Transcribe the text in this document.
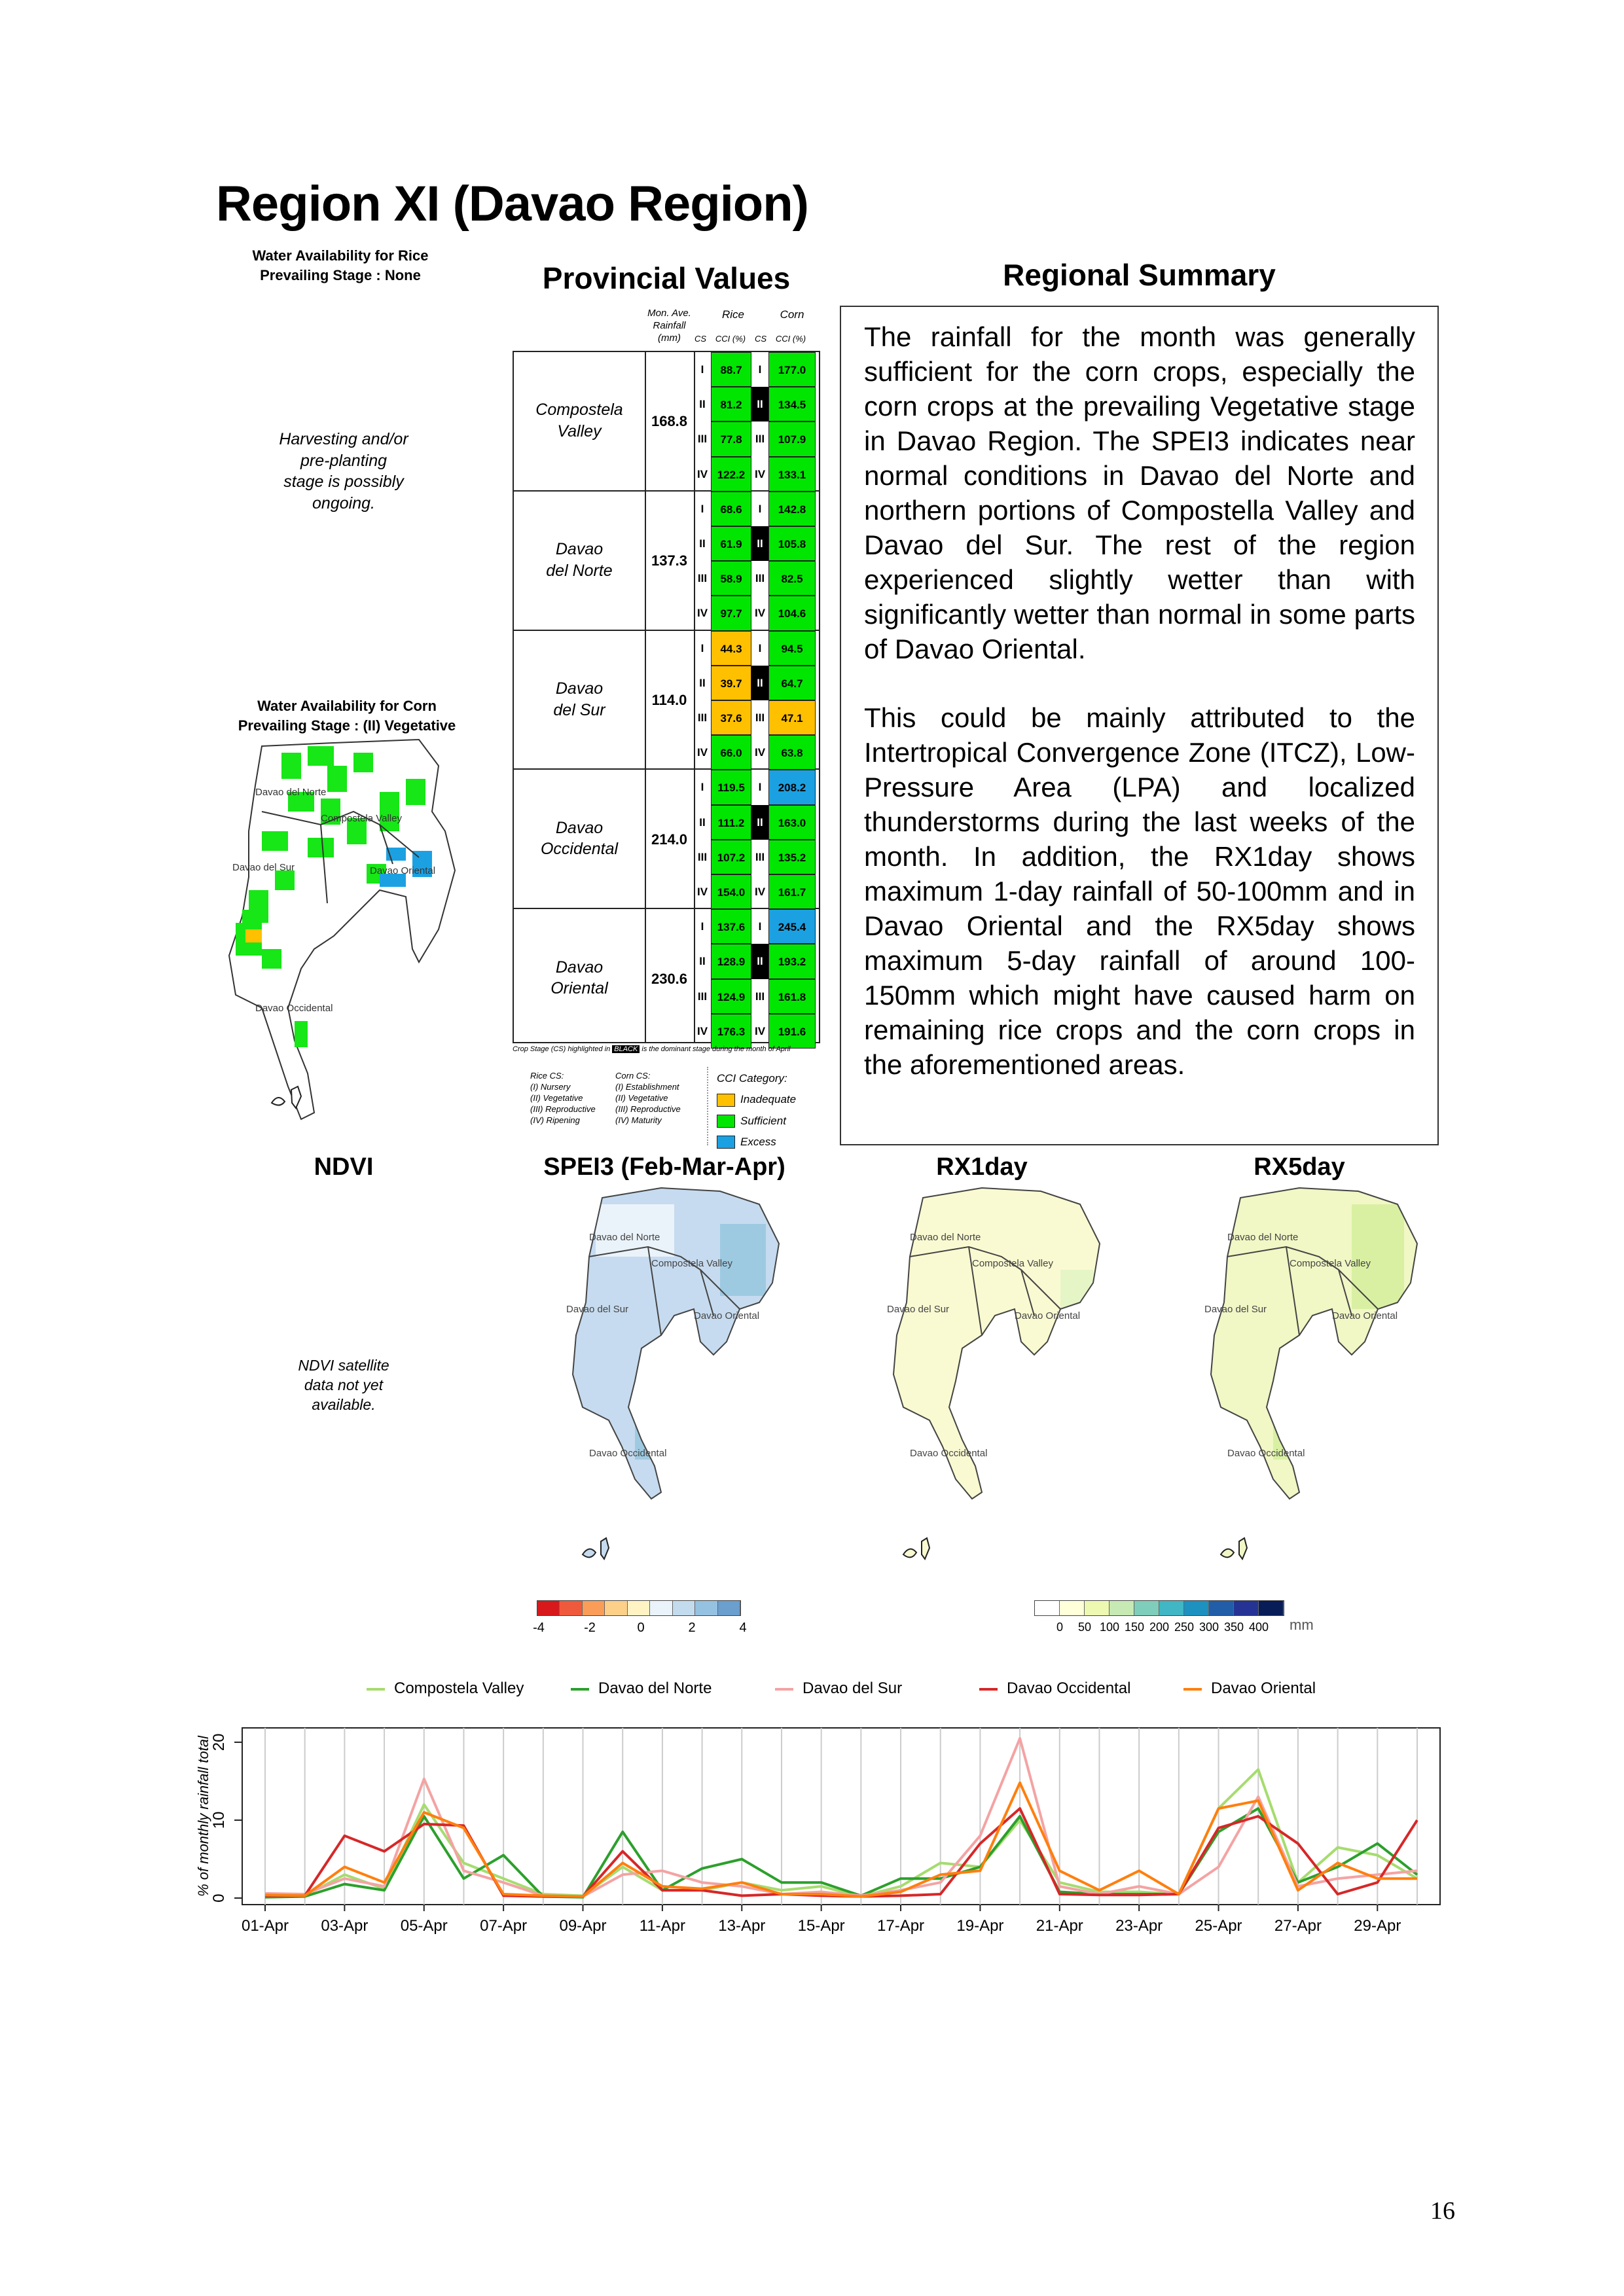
Region XI (Davao Region)
Water Availability for Rice
Prevailing Stage : None
Harvesting and/or
pre-planting
stage is possibly
ongoing.
Water Availability for Corn
Prevailing Stage : (II) Vegetative
Davao del Norte
Compostela Valley
Davao del Sur	Davao Oriental
Davao Occidental
Provincial Values
Mon. Ave.
Rainfall
(mm)
Rice	Corn
CS	CCI (%)	CS	CCI (%)
Compostela
Valley
168.8
I	88.7	I	177.0
II	81.2	II	134.5
III	77.8	III	107.9
IV 122.2 IV	133.1
Davao
del Norte
137.3
I	68.6	I	142.8
II	61.9	II	105.8
III	58.9	III	82.5
IV	97.7	IV	104.6
Davao
del Sur
114.0
I	44.3	I	94.5
II	39.7	II	64.7
III	37.6	III	47.1
IV	66.0	IV	63.8
Davao
Occidental
214.0
I	119.5	I	208.2
II	111.2	II	163.0
III 107.2 III	135.2
IV 154.0 IV	161.7
Davao
Oriental
230.6
I	137.6	I	245.4
II	128.9	II	193.2
III 124.9 III	161.8
IV 176.3 IV	191.6
Crop Stage (CS) highlighted in BLACK is the dominant stage during the month of April
Rice CS:
(I) Nursery
(II) Vegetative
(III) Reproductive
(IV) Ripening
Corn CS:
(I) Establishment
(II) Vegetative
(III) Reproductive
(IV) Maturity
CCI Category:
Inadequate
Sufficient
Excess
Regional Summary

The rainfall for the month was generally sufficient for the corn crops, especially the corn crops at the prevailing Vegetative stage in Davao Region. The SPEI3 indicates near normal conditions in Davao del Norte and northern portions of Compostella Valley and Davao del Sur. The rest of the region experienced slightly wetter than with significantly wetter than normal in some parts of Davao Oriental.

This could be mainly attributed to the Intertropical Convergence Zone (ITCZ), Low-Pressure Area (LPA) and localized thunderstorms during the last weeks of the month. In addition, the RX1day shows maximum 1-day rainfall of 50-100mm and in Davao Oriental and the RX5day shows maximum 5-day rainfall of around 100-150mm which might have caused harm on remaining rice crops and the corn crops in the aforementioned areas.

NDVI	SPEI3 (Feb-Mar-Apr)	RX1day	RX5day
NDVI satellite
data not yet
available.
Davao del Norte
Compostela Valley
Davao del Sur
Davao Oriental
Davao Occidental
Davao del Norte
Compostela Valley
Davao del Sur
Davao Oriental
Davao Occidental
Davao del Norte
Compostela Valley
Davao del Sur
Davao Oriental
Davao Occidental
-4	-2	0	2	4	0	50 100 150 200 250 300 350 400 mm
Compostela Valley	Davao del Norte	Davao del Sur	Davao Occidental	Davao Oriental
01-Apr 03-Apr 05-Apr 07-Apr 09-Apr 11-Apr 13-Apr 15-Apr 17-Apr 19-Apr 21-Apr 23-Apr 25-Apr 27-Apr 29-Apr
0
10
20
% of monthly rainfall total
16
